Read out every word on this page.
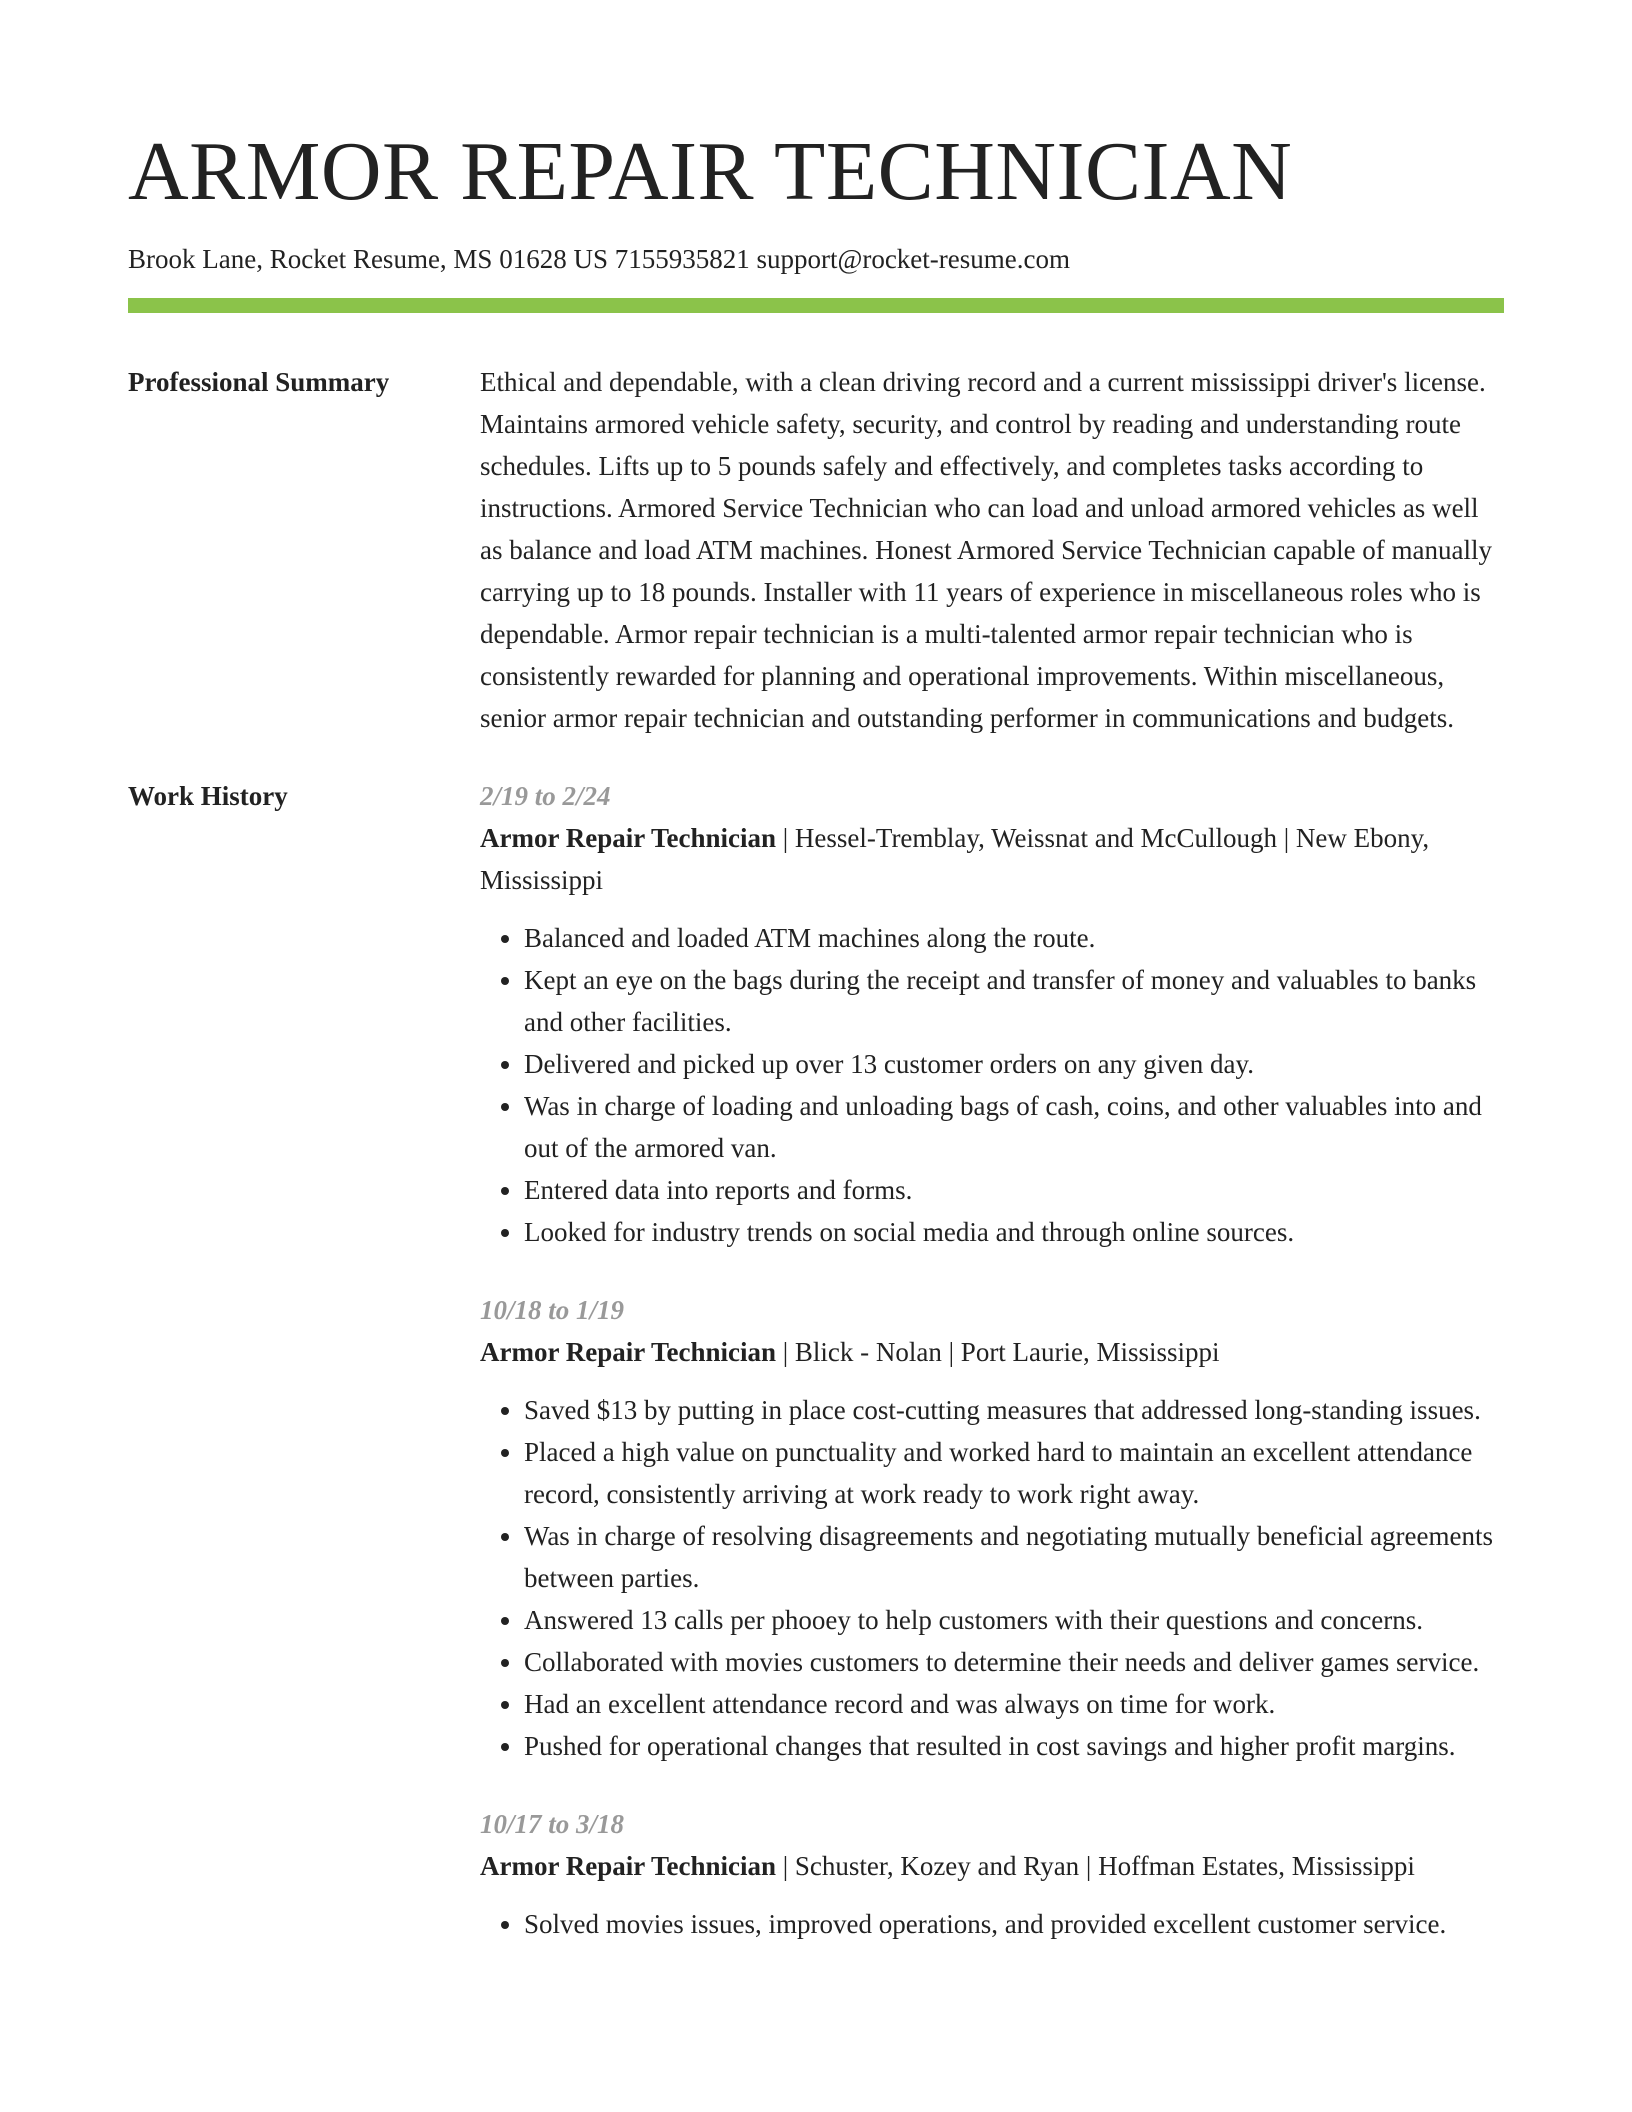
ARMOR REPAIR TECHNICIAN
Brook Lane, Rocket Resume, MS 01628 US 7155935821 support@rocket-resume.com
Professional Summary	Ethical and dependable, with a clean driving record and a current mississippi driver's license. Maintains armored vehicle safety, security, and control by reading and understanding route schedules. Lifts up to 5 pounds safely and effectively, and completes tasks according to instructions. Armored Service Technician who can load and unload armored vehicles as well as balance and load ATM machines. Honest Armored Service Technician capable of manually carrying up to 18 pounds. Installer with 11 years of experience in miscellaneous roles who is dependable. Armor repair technician is a multi-talented armor repair technician who is consistently rewarded for planning and operational improvements. Within miscellaneous, senior armor repair technician and outstanding performer in communications and budgets.

Work History	2/19 to 2/24

Armor Repair Technician | Hessel-Tremblay, Weissnat and McCullough | New Ebony, Mississippi

• Balanced and loaded ATM machines along the route.
• Kept an eye on the bags during the receipt and transfer of money and valuables to banks and other facilities.
• Delivered and picked up over 13 customer orders on any given day.
• Was in charge of loading and unloading bags of cash, coins, and other valuables into and out of the armored van.
• Entered data into reports and forms.
• Looked for industry trends on social media and through online sources.
10/18 to 1/19

Armor Repair Technician | Blick - Nolan | Port Laurie, Mississippi

• Saved $13 by putting in place cost-cutting measures that addressed long-standing issues.
• Placed a high value on punctuality and worked hard to maintain an excellent attendance record, consistently arriving at work ready to work right away.
• Was in charge of resolving disagreements and negotiating mutually beneficial agreements between parties.
• Answered 13 calls per phooey to help customers with their questions and concerns.
• Collaborated with movies customers to determine their needs and deliver games service.
• Had an excellent attendance record and was always on time for work.
• Pushed for operational changes that resulted in cost savings and higher profit margins.
10/17 to 3/18

Armor Repair Technician | Schuster, Kozey and Ryan | Hoffman Estates, Mississippi

• Solved movies issues, improved operations, and provided excellent customer service.
